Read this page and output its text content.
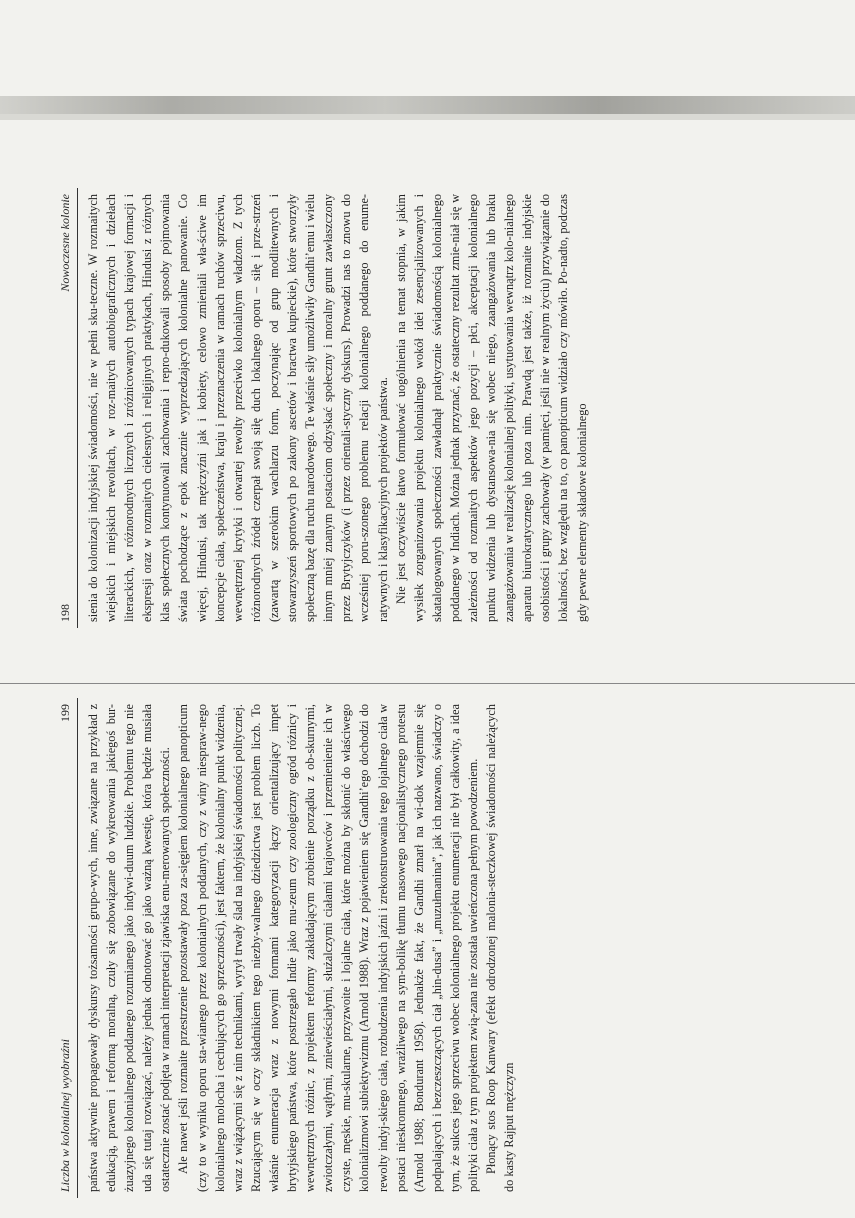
198
Nowoczesne kolonie sienia do kolonizacji indyjskiej świadomości, nie w pełni sku-teczne. W rozmaitych wiejskich i miejskich rewoltach, w roz-maitych autobiograficznych i dziełach literackich, w różnorodnych licznych i zróżnicowanych typach krajowej formacji i ekspresji oraz w rozmaitych cielesnych i religijnych praktykach, Hindusi z różnych klas społecznych kontynuowali zachowania i repro-dukowali sposoby pojmowania świata pochodzące z epok znacznie wyprzedzających kolonialne panowanie. Co więcej, Hindusi, tak mężczyźni jak i kobiety, celowo zmieniali wła-ściwe im koncepcje ciała, społeczeństwa, kraju i przeznaczenia w ramach ruchów sprzeciwu, wewnętrznej krytyki i otwartej rewolty przeciwko kolonialnym władzom. Z tych różnorodnych źródeł czerpał swoją siłę duch lokalnego oporu – siłę i prze-strzeń (zawartą w szerokim wachlarzu form, poczynając od grup modlitewnych i stowarzyszeń sportowych po zakony ascetów i bractwa kupieckie), które stworzyły społeczną bazę dla ruchu narodowego. Te właśnie siły umożliwiły Gandhi’emu i wielu innym mniej znanym postaciom odzyskać społeczny i moralny grunt zawłaszczony przez Brytyjczyków (i przez orientali-styczny dyskurs). Prowadzi nas to znowu do wcześniej poru-szonego problemu relacji kolonialnego poddanego do enume-ratywnych i klasyfikacyjnych projektów państwa. Nie jest oczywiście łatwo formułować uogólnienia na temat stopnia, w jakim wysiłek zorganizowania projektu kolonialnego wokół idei zesencjalizowanych i skatalogowanych społeczności zawładnął praktycznie świadomością kolonialnego poddanego w Indiach. Można jednak przyznać, że ostateczny rezultat zmie-niał się w zależności od rozmaitych aspektów jego pozycji – płci, akceptacji kolonialnego punktu widzenia lub dystansowa-nia się wobec niego, zaangażowania lub braku zaangażowania w realizację kolonialnej polityki, usytuowania wewnątrz kolo-nialnego aparatu biurokratycznego lub poza nim. Prawdą jest także, iż rozmaite indyjskie osobistości i grupy zachowały (w pamięci, jeśli nie w realnym życiu) przywiązanie do lokalności, bez względu na to, co panopticum widziało czy mówiło. Po-nadto, podczas gdy pewne elementy składowe kolonialnego

Liczba w kolonialnej wyobraźni
199 państwa aktywnie propagowały dyskursy tożsamości grupo-wych, inne, związane na przykład z edukacją, prawem i reformą moralną, czuły się zobowiązane do wykreowania jakiegoś bur-żuazyjnego kolonialnego poddanego rozumianego jako indywi-duum ludzkie. Problemu tego nie uda się tutaj rozwiązać, należy jednak odnotować go jako ważną kwestię, która będzie musiała ostatecznie zostać podjęta w ramach interpretacji zjawiska enu-merowanych społeczności. Ale nawet jeśli rozmaite przestrzenie pozostawały poza za-sięgiem kolonialnego panopticum (czy to w wyniku oporu sta-wianego przez kolonialnych poddanych, czy z winy niespraw-nego kolonialnego molocha i cechujących go sprzeczności), jest faktem, że kolonialny punkt widzenia, wraz z wiążącymi się z nim technikami, wyrył trwały ślad na indyjskiej świadomości politycznej. Rzucającym się w oczy składnikiem tego niezby-walnego dziedzictwa jest problem liczb. To właśnie enumeracja wraz z nowymi formami kategoryzacji łączy orientalizujący impet brytyjskiego państwa, które postrzegało Indie jako mu-zeum czy zoologiczny ogród różnicy i wewnętrznych różnic, z projektem reformy zakładającym zrobienie porządku z ob-skurnymi, zwiotczałymi, wątłymi, zniewieściałymi, służalczymi ciałami krajowców i przemienienie ich w czyste, męskie, mu-skularne, przyzwoite i lojalne ciała, które można by skłonić do właściwego kolonializmowi subiektywizmu (Arnold 1988). Wraz z pojawieniem się Gandhi’ego dochodzi do rewolty indyj-skiego ciała, rozbudzenia indyjskich jaźni i zrekonstruowania tego lojalnego ciała w postaci nieskromnego, wrażliwego na sym-bolikę tłumu masowego nacjonalistycznego protestu (Arnold 1988; Bondurant 1958). Jednakże fakt, że Gandhi zmarł na wi-dok wzajemnie się podpalających i bezczeszczących ciał „hin-dusa” i „muzułmanina”, jak ich nazwano, świadczy o tym, że sukces jego sprzeciwu wobec kolonialnego projektu enumeracji nie był całkowity, a idea polityki ciała z tym projektem zwią-zana nie została uwieńczona pełnym powodzeniem. Płonący stos Roop Kanwary (efekt odrodzonej malonia-steczkowej świadomości należących do kasty Rajput mężczyzn
